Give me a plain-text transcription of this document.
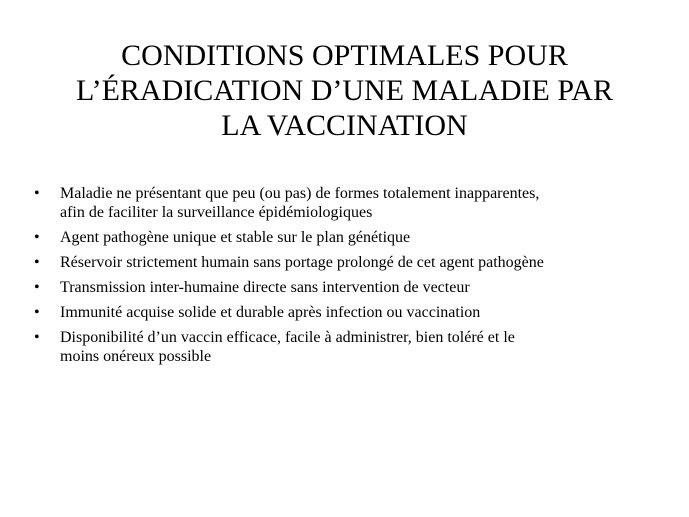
CONDITIONS OPTIMALES POUR
L’ÉRADICATION D’UNE MALADIE PAR
LA VACCINATION
•	Maladie ne présentant que peu (ou pas) de formes totalement inapparentes,
afin de faciliter la surveillance épidémiologiques
•	Agent pathogène unique et stable sur le plan génétique
•	Réservoir strictement humain sans portage prolongé de cet agent pathogène
•	Transmission inter-humaine directe sans intervention de vecteur
•	Immunité acquise solide et durable après infection ou vaccination
•	Disponibilité d’un vaccin efficace, facile à administrer, bien toléré et le
moins onéreux possible
